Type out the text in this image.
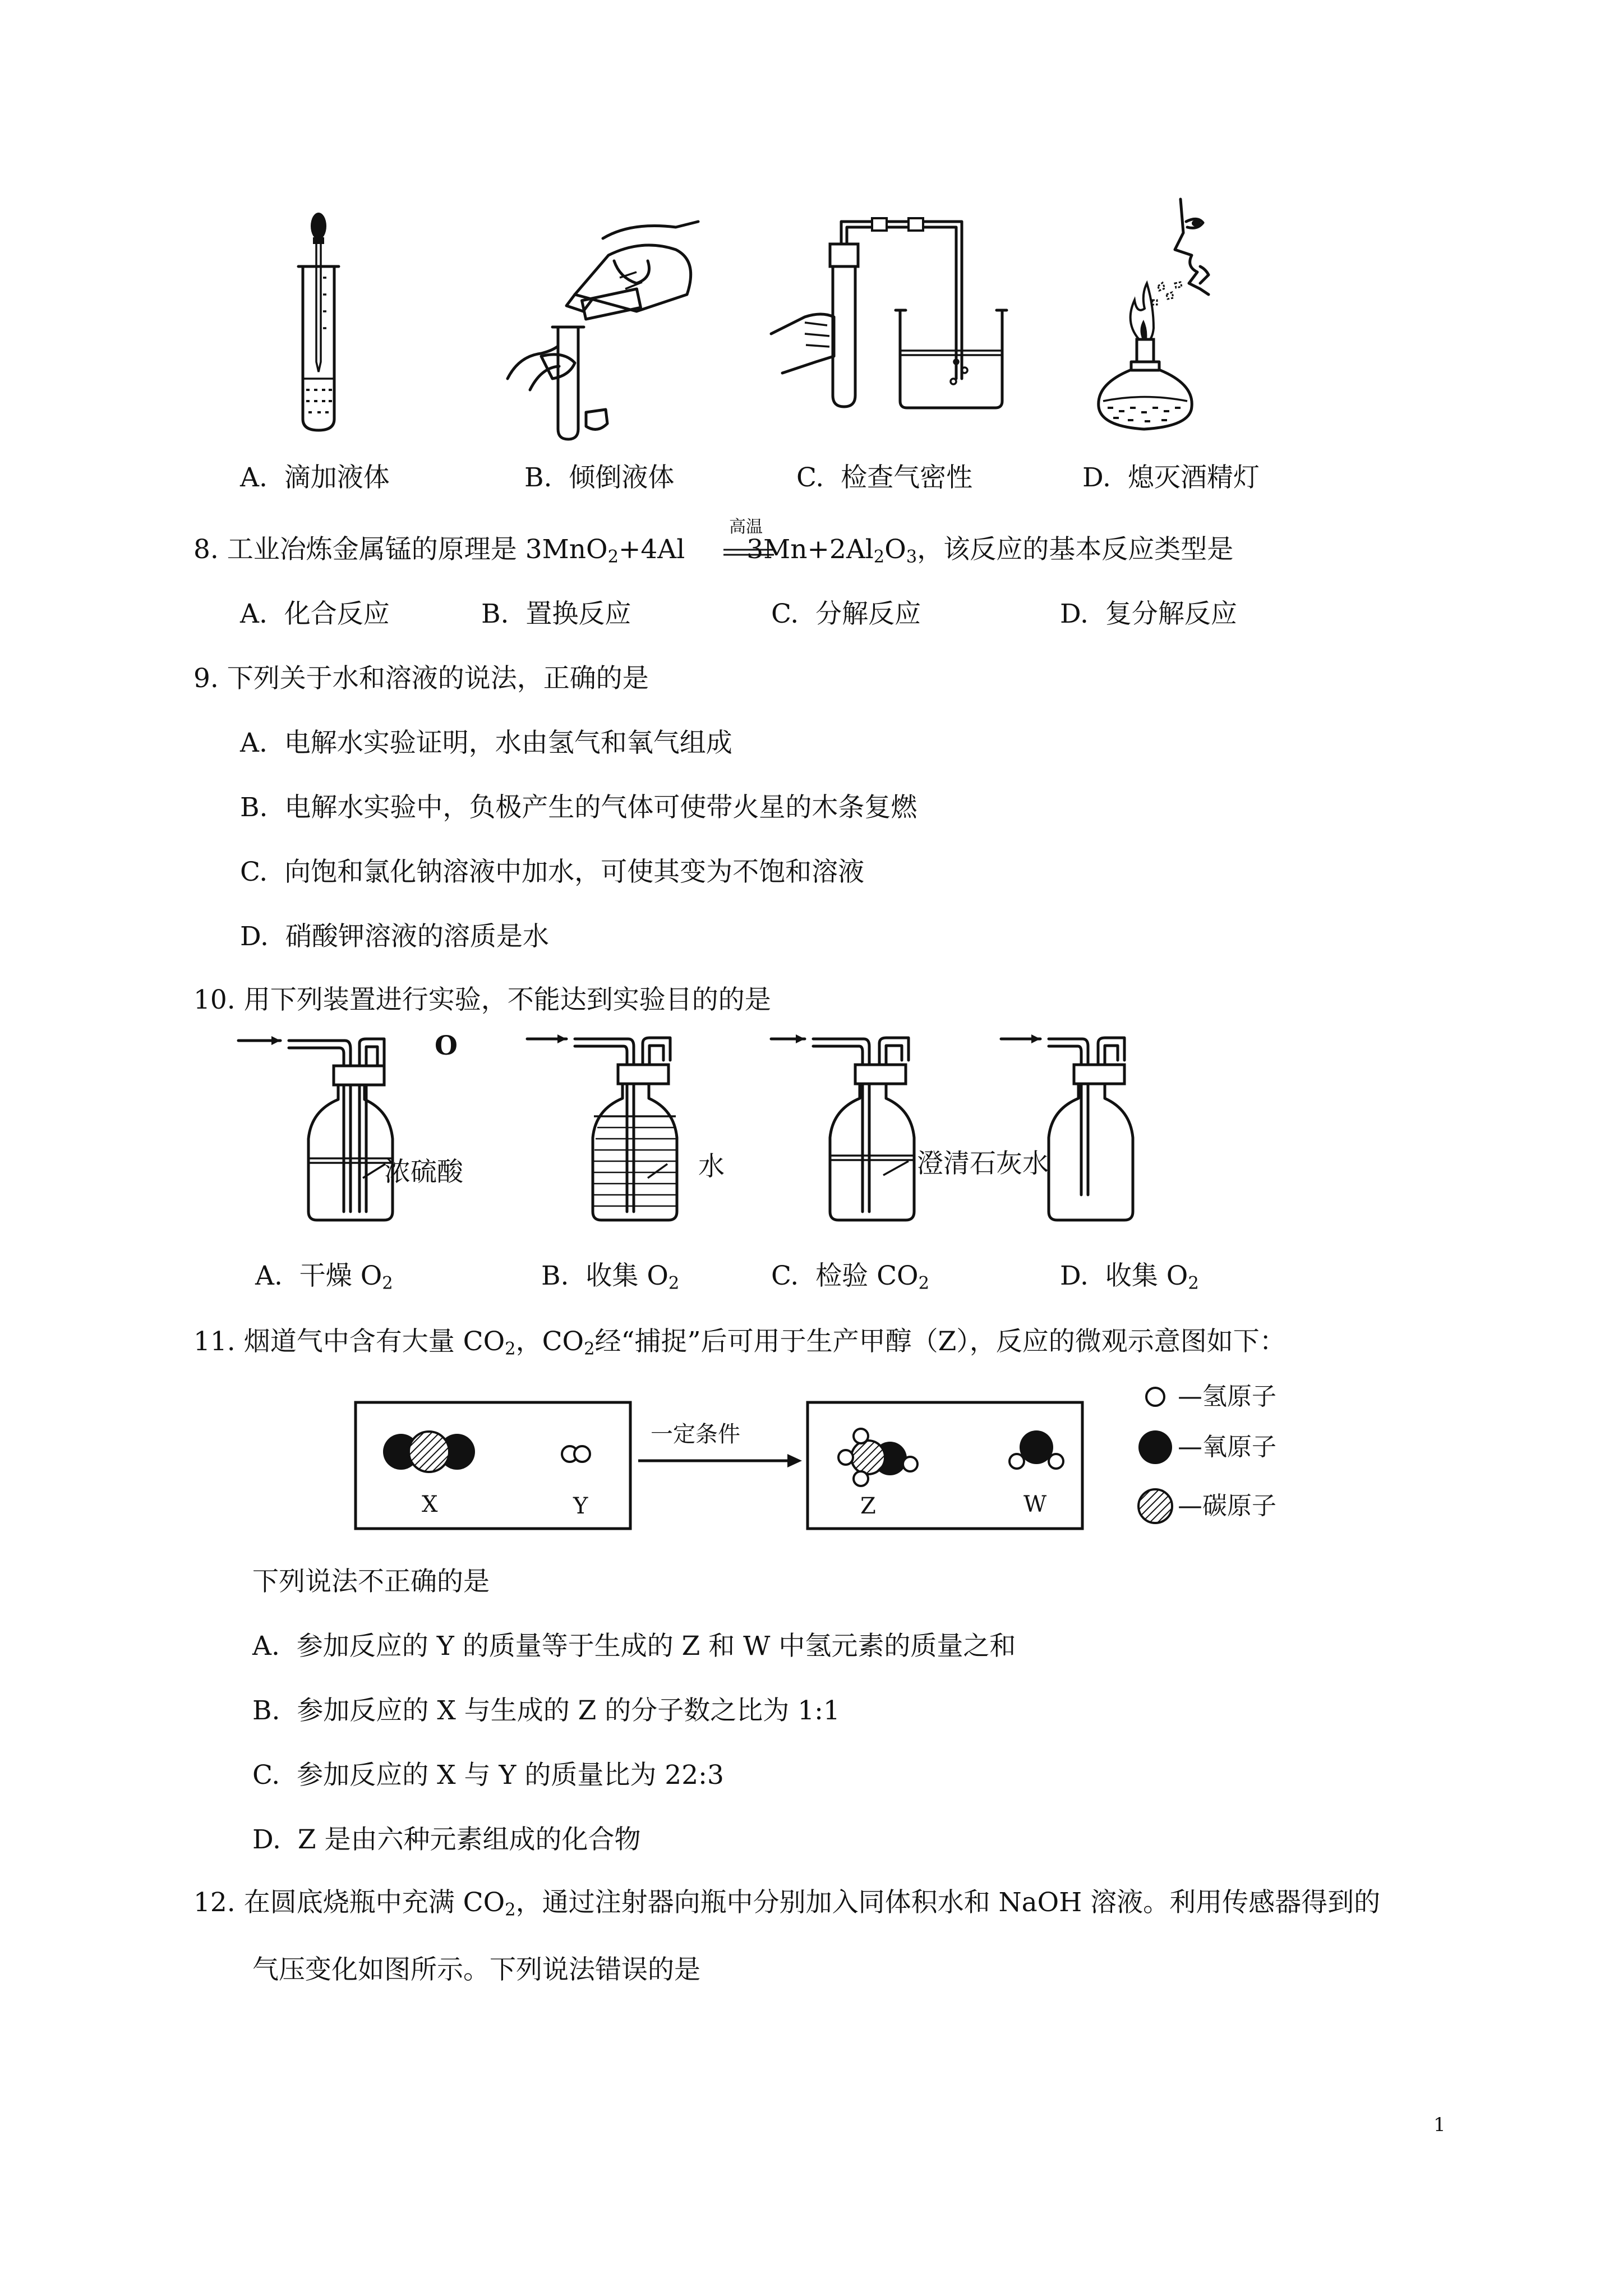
A. 滴加液体	B. 倾倒液体	C. 检查气密性	D. 熄灭酒精灯
8. 工业冶炼金属锰的原理是 3MnO$_2$+4Al $3Mn+2Al_2O_3$，该反应的基本反应类型是
高温
A. 化合反应	B. 置换反应	C. 分解反应	D. 复分解反应
9. 下列关于水和溶液的说法，正确的是
A. 电解水实验证明，水由氢气和氧气组成
B. 电解水实验中，负极产生的气体可使带火星的木条复燃
C. 向饱和氯化钠溶液中加水，可使其变为不饱和溶液
D. 硝酸钾溶液的溶质是水
10. 用下列装置进行实验，不能达到实验目的的是
O
浓硫酸	水	澄清石灰水
A. 干燥 $O_2$	B. 收集 $O_2$	C. 检验 $CO_2$	D. 收集 $O_2$
11. 烟道气中含有大量 $CO_2$，$CO_2$经“捕捉”后可用于生产甲醇（Z），反应的微观示意图如下：
一定条件
X	Y	Z	W
—氢原子
—氧原子
—碳原子
下列说法不正确的是
A. 参加反应的 Y 的质量等于生成的 Z 和 W 中氢元素的质量之和
B. 参加反应的 X 与生成的 Z 的分子数之比为 1:1
C. 参加反应的 X 与 Y 的质量比为 22:3
D. Z 是由六种元素组成的化合物
12. 在圆底烧瓶中充满 $CO_2$，通过注射器向瓶中分别加入同体积水和 NaOH 溶液。利用传感器得到的
气压变化如图所示。下列说法错误的是
1
